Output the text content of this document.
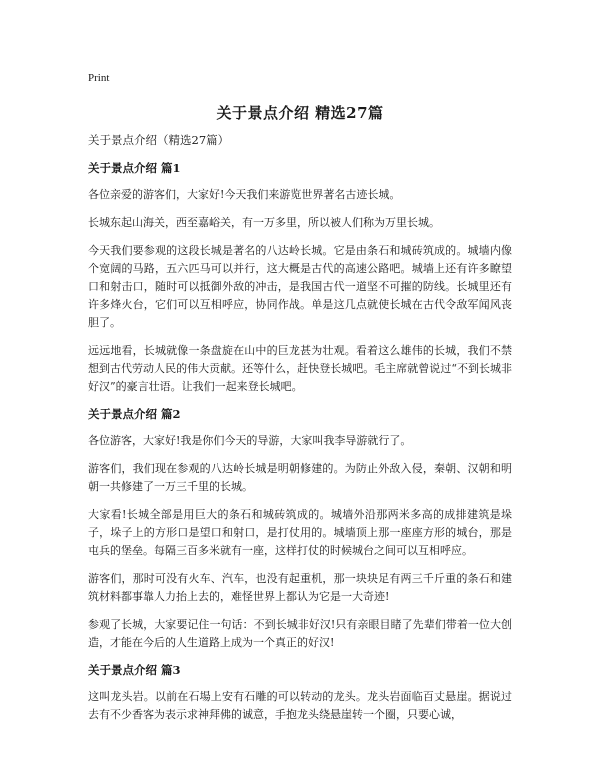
Print
关于景点介绍 精选27篇
关于景点介绍（精选27篇）
关于景点介绍 篇1

各位亲爱的游客们，大家好!今天我们来游览世界著名古迹长城。

长城东起山海关，西至嘉峪关，有一万多里，所以被人们称为万里长城。

今天我们要参观的这段长城是著名的八达岭长城。它是由条石和城砖筑成的。城墙内像个宽阔的马路，五六匹马可以并行，这大概是古代的高速公路吧。城墙上还有许多瞭望口和射击口，随时可以抵御外敌的冲击，是我国古代一道坚不可摧的防线。长城里还有许多烽火台，它们可以互相呼应，协同作战。单是这几点就使长城在古代令敌军闻风丧胆了。

远远地看，长城就像一条盘旋在山中的巨龙甚为壮观。看着这么雄伟的长城，我们不禁想到古代劳动人民的伟大贡献。还等什么，赶快登长城吧。毛主席就曾说过“不到长城非好汉”的豪言壮语。让我们一起来登长城吧。

关于景点介绍 篇2

各位游客，大家好!我是你们今天的导游，大家叫我李导游就行了。

游客们，我们现在参观的八达岭长城是明朝修建的。为防止外敌入侵，秦朝、汉朝和明朝一共修建了一万三千里的长城。

大家看!长城全部是用巨大的条石和城砖筑成的。城墙外沿那两米多高的成排建筑是垛子，垛子上的方形口是望口和射口，是打仗用的。城墙顶上那一座座方形的城台，那是屯兵的堡垒。每隔三百多米就有一座，这样打仗的时候城台之间可以互相呼应。

游客们，那时可没有火车、汽车，也没有起重机，那一块块足有两三千斤重的条石和建筑材料都事靠人力抬上去的，难怪世界上都认为它是一大奇迹!

参观了长城，大家要记住一句话：不到长城非好汉!只有亲眼目睹了先辈们带着一位大创造，才能在今后的人生道路上成为一个真正的好汉!

关于景点介绍 篇3

这叫龙头岩。以前在石場上安有石雕的可以转动的龙头。龙头岩面临百丈悬崖。据说过去有不少香客为表示求神拜佛的诚意，手抱龙头绕悬崖转一个圈，只要心诚，
